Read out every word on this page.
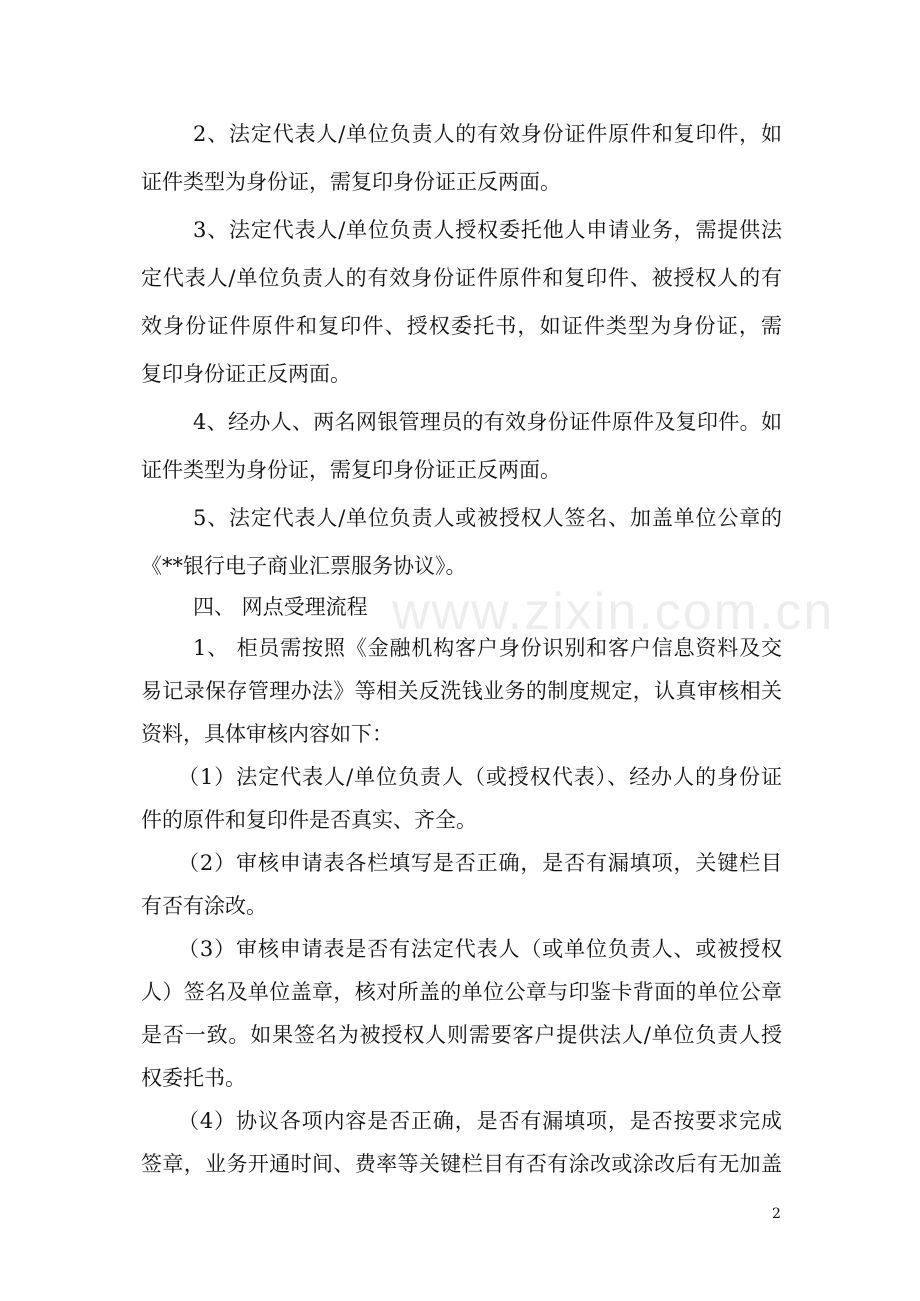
www.zixin.com.cn
2、法定代表人/单位负责人的有效身份证件原件和复印件，如
证件类型为身份证，需复印身份证正反两面。
3、法定代表人/单位负责人授权委托他人申请业务，需提供法
定代表人/单位负责人的有效身份证件原件和复印件、被授权人的有
效身份证件原件和复印件、授权委托书，如证件类型为身份证，需
复印身份证正反两面。
4、经办人、两名网银管理员的有效身份证件原件及复印件。如
证件类型为身份证，需复印身份证正反两面。
5、法定代表人/单位负责人或被授权人签名、加盖单位公章的
《**银行电子商业汇票服务协议》。
四、 网点受理流程
1、 柜员需按照《金融机构客户身份识别和客户信息资料及交
易记录保存管理办法》等相关反洗钱业务的制度规定，认真审核相关
资料，具体审核内容如下：
（1）法定代表人/单位负责人（或授权代表）、经办人的身份证
件的原件和复印件是否真实、齐全。
（2）审核申请表各栏填写是否正确，是否有漏填项，关键栏目
有否有涂改。
（3）审核申请表是否有法定代表人（或单位负责人、或被授权
人）签名及单位盖章，核对所盖的单位公章与印鉴卡背面的单位公章
是否一致。如果签名为被授权人则需要客户提供法人/单位负责人授
权委托书。
（4）协议各项内容是否正确，是否有漏填项，是否按要求完成
签章，业务开通时间、费率等关键栏目有否有涂改或涂改后有无加盖
2
